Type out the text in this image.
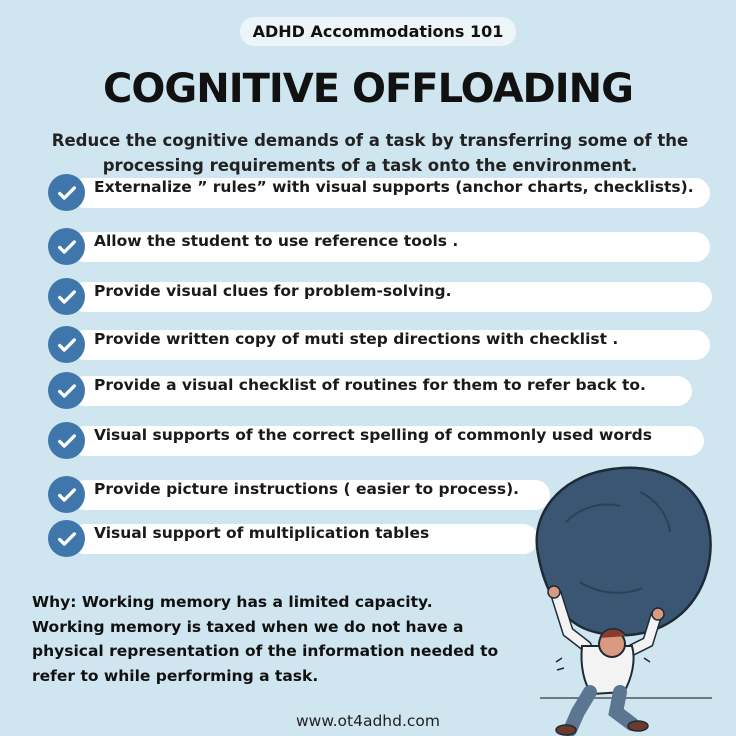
ADHD Accommodations 101
COGNITIVE OFFLOADING
Reduce the cognitive demands of a task by transferring some of the processing requirements of a task onto the environment.
Externalize ” rules” with visual supports (anchor charts, checklists).
Allow the student to use reference tools .
Provide visual clues for problem-solving.
Provide written copy of muti step directions with checklist .
Provide a visual checklist of routines for them to refer back to.
Visual supports of the correct spelling of commonly used words
Provide picture instructions ( easier to process).
Visual support of multiplication tables
Why: Working memory has a limited capacity.
Working memory is taxed when we do not have a
physical representation of the information needed to
refer to while performing a task.
www.ot4adhd.com
